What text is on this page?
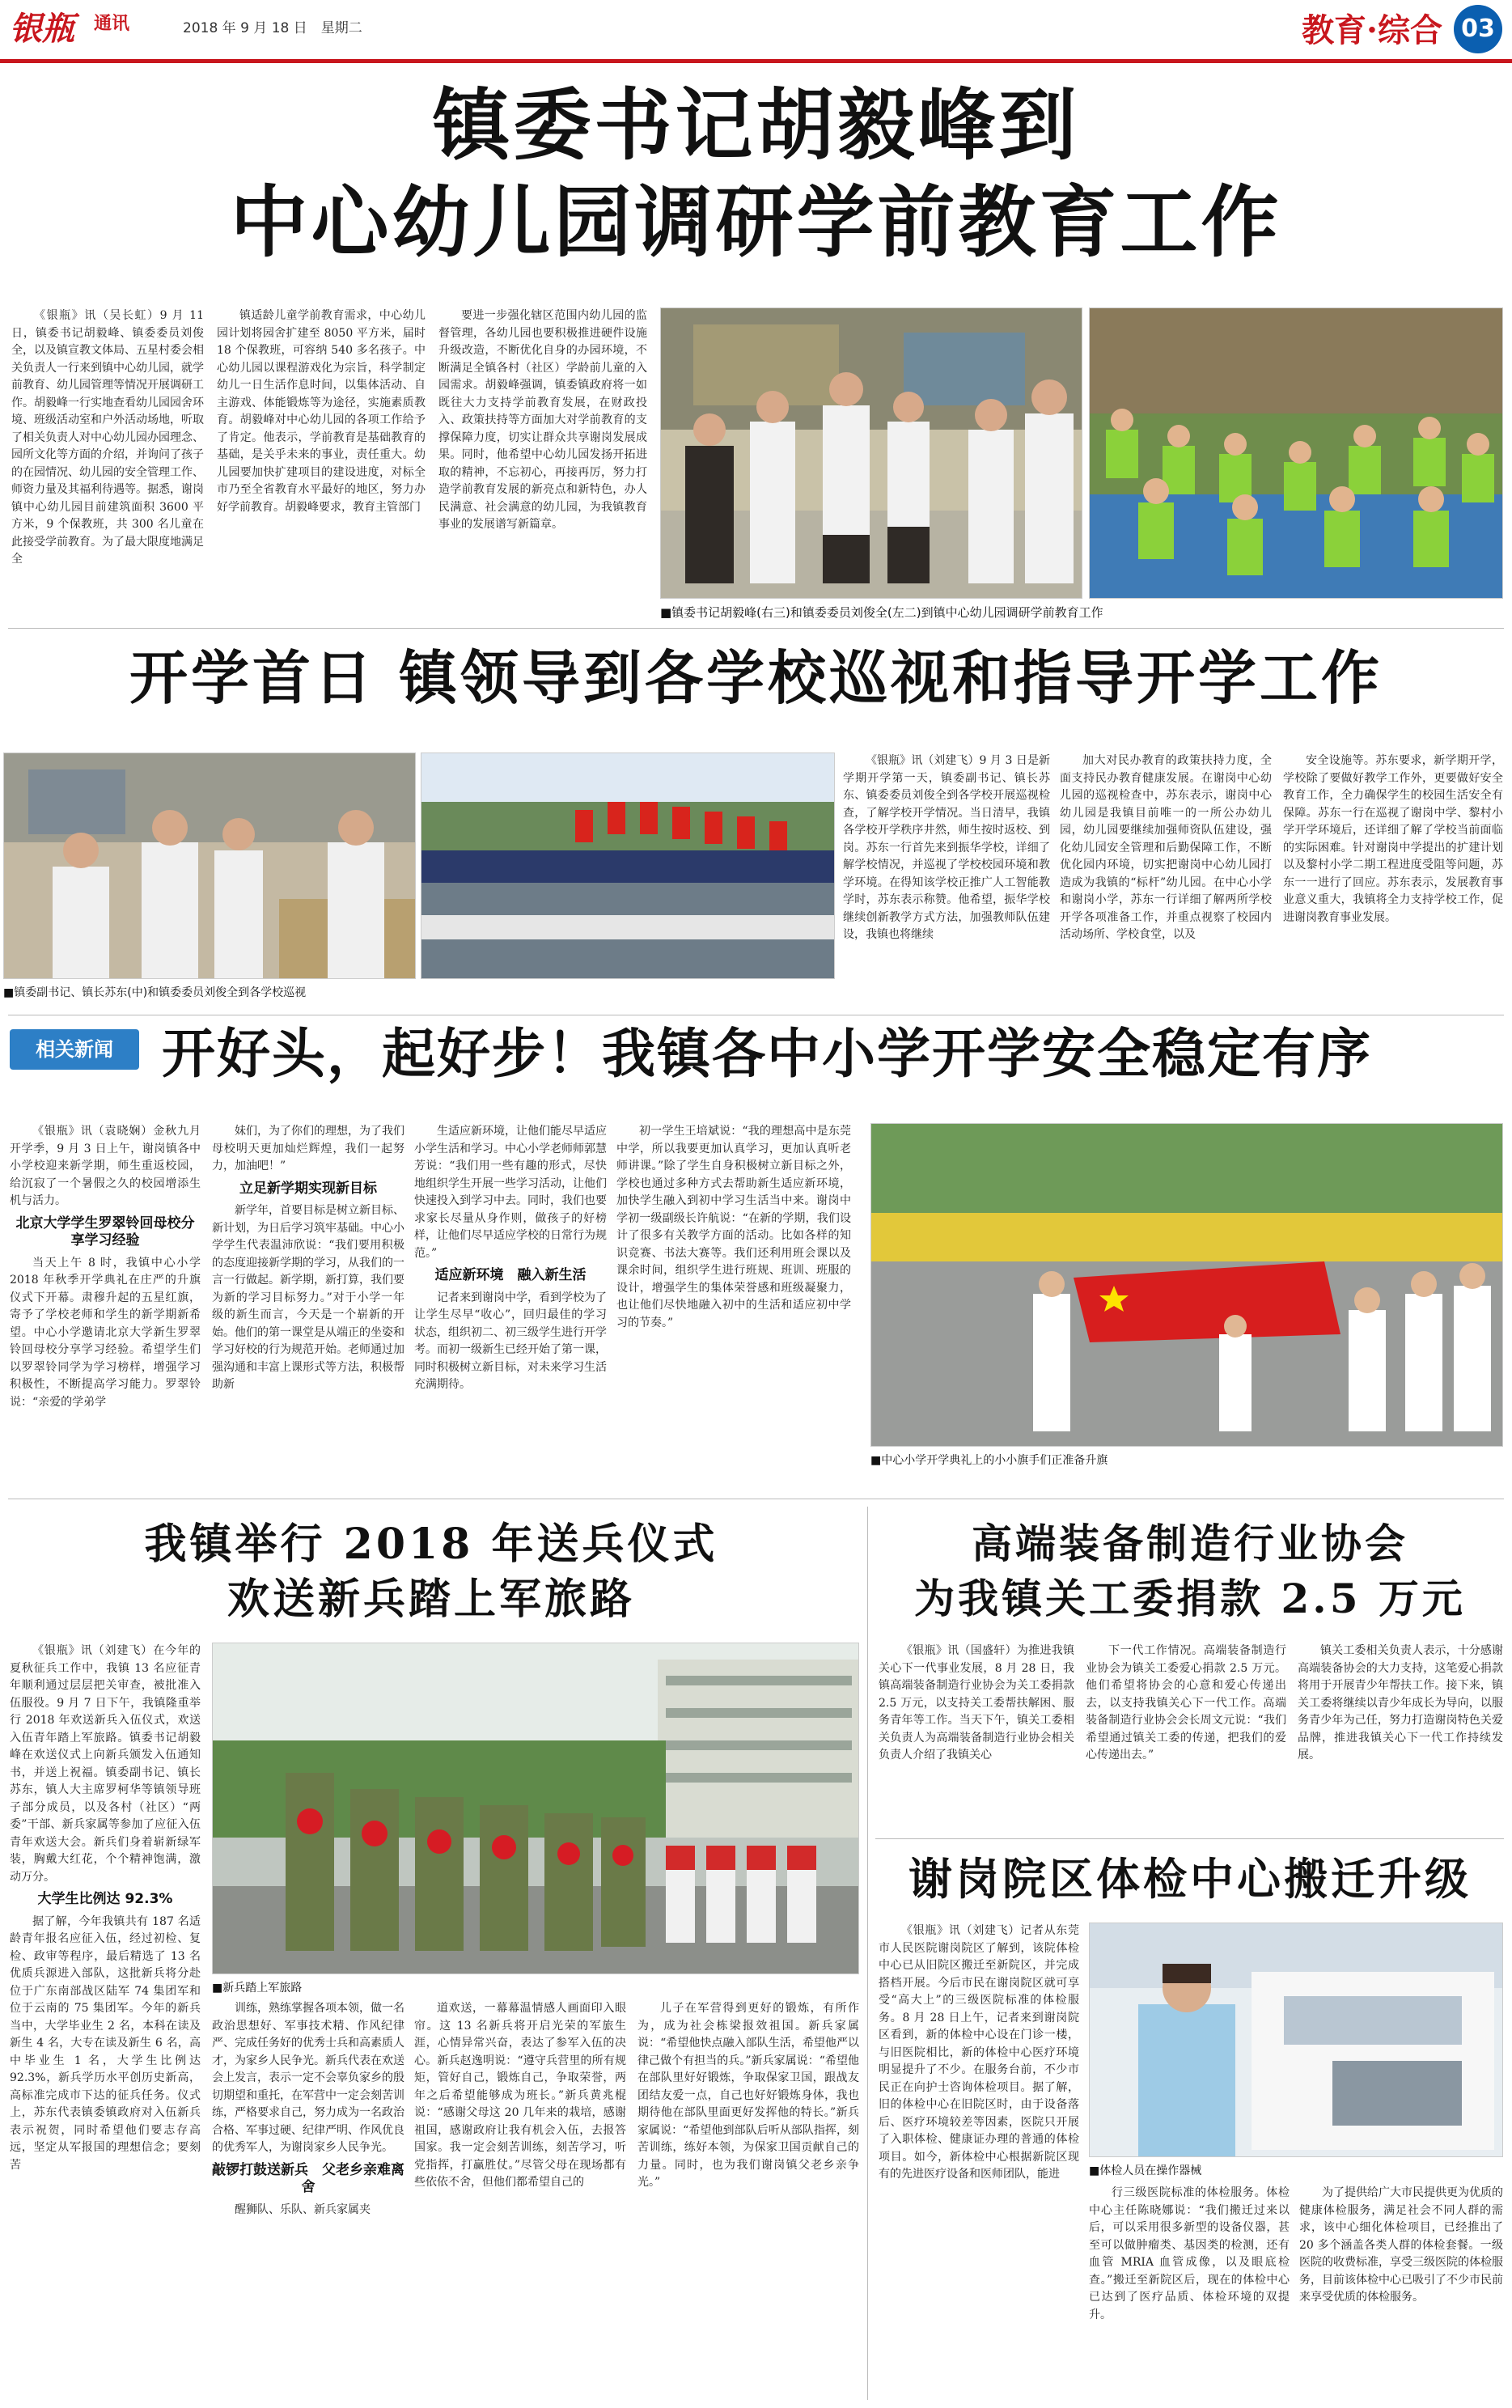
银瓶 通讯	2018 年 9 月 18 日　星期二	教育·综合 03
镇委书记胡毅峰到
中心幼儿园调研学前教育工作

《银瓶》讯（吴长虹）9 月 11 日，镇委书记胡毅峰、镇委委员刘俊全，以及镇宣教文体局、五星村委会相关负责人一行来到镇中心幼儿园，就学前教育、幼儿园管理等情况开展调研工作。胡毅峰一行实地查看幼儿园园舍环境、班级活动室和户外活动场地，听取了相关负责人对中心幼儿园办园理念、园所文化等方面的介绍，并询问了孩子的在园情况、幼儿园的安全管理工作、师资力量及其福利待遇等。据悉，谢岗镇中心幼儿园目前建筑面积 3600 平方米，9 个保教班，共 300 名儿童在此接受学前教育。为了最大限度地满足全

镇适龄儿童学前教育需求，中心幼儿园计划将园舍扩建至 8050 平方米，届时 18 个保教班，可容纳 540 多名孩子。中心幼儿园以课程游戏化为宗旨，科学制定幼儿一日生活作息时间，以集体活动、自主游戏、体能锻炼等为途径，实施素质教育。胡毅峰对中心幼儿园的各项工作给予了肯定。他表示，学前教育是基础教育的基础，是关乎未来的事业，责任重大。幼儿园要加快扩建项目的建设进度，对标全市乃至全省教育水平最好的地区，努力办好学前教育。胡毅峰要求，教育主管部门

要进一步强化辖区范围内幼儿园的监督管理，各幼儿园也要积极推进硬件设施升级改造，不断优化自身的办园环境，不断满足全镇各村（社区）学龄前儿童的入园需求。胡毅峰强调，镇委镇政府将一如既往大力支持学前教育发展，在财政投入、政策扶持等方面加大对学前教育的支撑保障力度，切实让群众共享谢岗发展成果。同时，他希望中心幼儿园发扬开拓进取的精神，不忘初心，再接再厉，努力打造学前教育发展的新亮点和新特色，办人民满意、社会满意的幼儿园，为我镇教育事业的发展谱写新篇章。

■镇委书记胡毅峰(右三)和镇委委员刘俊全(左二)到镇中心幼儿园调研学前教育工作
开学首日 镇领导到各学校巡视和指导开学工作
■镇委副书记、镇长苏东(中)和镇委委员刘俊全到各学校巡视

《银瓶》讯（刘建飞）9 月 3 日是新学期开学第一天，镇委副书记、镇长苏东、镇委委员刘俊全到各学校开展巡视检查，了解学校开学情况。当日清早，我镇各学校开学秩序井然，师生按时返校、到岗。苏东一行首先来到振华学校，详细了解学校情况，并巡视了学校校园环境和教学环境。在得知该学校正推广人工智能教学时，苏东表示称赞。他希望，振华学校继续创新教学方式方法，加强教师队伍建设，我镇也将继续

加大对民办教育的政策扶持力度，全面支持民办教育健康发展。在谢岗中心幼儿园的巡视检查中，苏东表示，谢岗中心幼儿园是我镇目前唯一的一所公办幼儿园，幼儿园要继续加强师资队伍建设，强化幼儿园安全管理和后勤保障工作，不断优化园内环境，切实把谢岗中心幼儿园打造成为我镇的“标杆”幼儿园。在中心小学和谢岗小学，苏东一行详细了解两所学校开学各项准备工作，并重点视察了校园内活动场所、学校食堂，以及

安全设施等。苏东要求，新学期开学，学校除了要做好教学工作外，更要做好安全教育工作，全力确保学生的校园生活安全有保障。苏东一行在巡视了谢岗中学、黎村小学开学环境后，还详细了解了学校当前面临的实际困难。针对谢岗中学提出的扩建计划以及黎村小学二期工程进度受阻等问题，苏东一一进行了回应。苏东表示，发展教育事业意义重大，我镇将全力支持学校工作，促进谢岗教育事业发展。

相关新闻 开好头，起好步！我镇各中小学开学安全稳定有序

《银瓶》讯（袁晓娴）金秋九月开学季，9 月 3 日上午，谢岗镇各中小学校迎来新学期，师生重返校园，给沉寂了一个暑假之久的校园增添生机与活力。

北京大学学生罗翠铃回母校分享学习经验

当天上午 8 时，我镇中心小学 2018 年秋季开学典礼在庄严的升旗仪式下开幕。肃穆升起的五星红旗，寄予了学校老师和学生的新学期新希望。中心小学邀请北京大学新生罗翠铃回母校分享学习经验。希望学生们以罗翠铃同学为学习榜样，增强学习积极性，不断提高学习能力。罗翠铃说：“亲爱的学弟学

妹们，为了你们的理想，为了我们母校明天更加灿烂辉煌，我们一起努力，加油吧！”

立足新学期实现新目标

新学年，首要目标是树立新目标、新计划，为日后学习筑牢基础。中心小学学生代表温沛欣说：“我们要用积极的态度迎接新学期的学习，从我们的一言一行做起。新学期，新打算，我们要为新的学习目标努力。”对于小学一年级的新生而言，今天是一个崭新的开始。他们的第一课堂是从端正的坐姿和学习好校的行为规范开始。老师通过加强沟通和丰富上课形式等方法，积极帮助新

生适应新环境，让他们能尽早适应小学生活和学习。中心小学老师师郭慧芳说：“我们用一些有趣的形式，尽快地组织学生开展一些学习活动，让他们快速投入到学习中去。同时，我们也要求家长尽量从身作则，做孩子的好榜样，让他们尽早适应学校的日常行为规范。”

适应新环境　融入新生活

记者来到谢岗中学，看到学校为了让学生尽早“收心”，回归最佳的学习状态，组织初二、初三级学生进行开学考。而初一级新生已经开始了第一课，同时积极树立新目标，对未来学习生活充满期待。

初一学生王培斌说：“我的理想高中是东莞中学，所以我要更加认真学习，更加认真听老师讲课。”除了学生自身积极树立新目标之外，学校也通过多种方式去帮助新生适应新环境，加快学生融入到初中学习生活当中来。谢岗中学初一级副级长许航说：“在新的学期，我们设计了很多有关教学方面的活动。比如各样的知识竞赛、书法大赛等。我们还利用班会课以及课余时间，组织学生进行班规、班训、班服的设计，增强学生的集体荣誉感和班级凝聚力，也让他们尽快地融入初中的生活和适应初中学习的节奏。”

■中心小学开学典礼上的小小旗手们正准备升旗
我镇举行 2018 年送兵仪式
欢送新兵踏上军旅路

《银瓶》讯（刘建飞）在今年的夏秋征兵工作中，我镇 13 名应征青年顺利通过层层把关审查，被批准入伍服役。9 月 7 日下午，我镇隆重举行 2018 年欢送新兵入伍仪式，欢送入伍青年踏上军旅路。镇委书记胡毅峰在欢送仪式上向新兵颁发入伍通知书，并送上祝福。镇委副书记、镇长苏东，镇人大主席罗柯华等镇领导班子部分成员，以及各村（社区）“两委”干部、新兵家属等参加了应征入伍青年欢送大会。新兵们身着崭新绿军装，胸戴大红花，个个精神饱满，激动万分。

大学生比例达 92.3%

据了解，今年我镇共有 187 名适龄青年报名应征入伍，经过初检、复检、政审等程序，最后精选了 13 名优质兵源进入部队，这批新兵将分赴位于广东南部战区陆军 74 集团军和位于云南的 75 集团军。今年的新兵当中，大学毕业生 2 名，本科在读及新生 4 名，大专在读及新生 6 名，高中毕业生 1 名，大学生比例达 92.3%，新兵学历水平创历史新高，高标准完成市下达的征兵任务。仪式上，苏东代表镇委镇政府对入伍新兵表示祝贺，同时希望他们要志存高远，坚定从军报国的理想信念；要刻苦

■新兵踏上军旅路

训练，熟练掌握各项本领，做一名政治思想好、军事技术精、作风纪律严、完成任务好的优秀士兵和高素质人才，为家乡人民争光。新兵代表在欢送会上发言，表示一定不会辜负家乡的殷切期望和重托，在军营中一定会刻苦训练，严格要求自己，努力成为一名政治合格、军事过硬、纪律严明、作风优良的优秀军人，为谢岗家乡人民争光。

敲锣打鼓送新兵　父老乡亲难离舍

醒狮队、乐队、新兵家属夹

道欢送，一幕幕温情感人画面印入眼帘。这 13 名新兵将开启光荣的军旅生涯，心情异常兴奋，表达了参军入伍的决心。新兵赵逸明说：“遵守兵营里的所有规矩，管好自己，锻炼自己，争取荣誉，两年之后希望能够成为班长。”新兵黄兆棍说：“感谢父母这 20 几年来的栽培，感谢祖国，感谢政府让我有机会入伍，去报答国家。我一定会刻苦训练，刻苦学习，听党指挥，打赢胜仗。”尽管父母在现场都有些依依不舍，但他们都希望自己的

儿子在军营得到更好的锻炼，有所作为，成为社会栋梁报效祖国。新兵家属说：“希望他快点融入部队生活，希望他严以律己做个有担当的兵。”新兵家属说：“希望他在部队里好好锻炼，争取保家卫国，跟战友团结友爱一点，自己也好好锻炼身体，我也期待他在部队里面更好发挥他的特长。”新兵家属说：“希望他到部队后听从部队指挥，刻苦训练，练好本领，为保家卫国贡献自己的力量。同时，也为我们谢岗镇父老乡亲争光。”

高端装备制造行业协会
为我镇关工委捐款 2.5 万元

《银瓶》讯（国盛轩）为推进我镇关心下一代事业发展，8 月 28 日，我镇高端装备制造行业协会为关工委捐款 2.5 万元，以支持关工委帮扶解困、服务青年等工作。当天下午，镇关工委相关负责人为高端装备制造行业协会相关负责人介绍了我镇关心

下一代工作情况。高端装备制造行业协会为镇关工委爱心捐款 2.5 万元。他们希望将协会的心意和爱心传递出去，以支持我镇关心下一代工作。高端装备制造行业协会会长周文元说：“我们希望通过镇关工委的传递，把我们的爱心传递出去。”

镇关工委相关负责人表示，十分感谢高端装备协会的大力支持，这笔爱心捐款将用于开展青少年帮扶工作。接下来，镇关工委将继续以青少年成长为导向，以服务青少年为己任，努力打造谢岗特色关爱品牌，推进我镇关心下一代工作持续发展。

谢岗院区体检中心搬迁升级

《银瓶》讯（刘建飞）记者从东莞市人民医院谢岗院区了解到，该院体检中心已从旧院区搬迁至新院区，并完成搭档开展。今后市民在谢岗院区就可享受“高大上”的三级医院标准的体检服务。8 月 28 日上午，记者来到谢岗院区看到，新的体检中心设在门诊一楼，与旧医院相比，新的体检中心医疗环境明显提升了不少。在服务台前，不少市民正在向护士咨询体检项目。据了解，旧的体检中心在旧院区时，由于设备落后、医疗环境较差等因素，医院只开展了入职体检、健康证办理的普通的体检项目。如今，新体检中心根据新院区现有的先进医疗设备和医师团队，能进	■体检人员在操作器械

行三级医院标准的体检服务。体检中心主任陈晓娜说：“我们搬迁过来以后，可以采用很多新型的设备仪器，甚至可以做肿瘤类、基因类的检测，还有血管 MRIA 血管成像，以及眼底检查。”搬迁至新院区后，现在的体检中心已达到了医疗品质、体检环境的双提升。

为了提供给广大市民提供更为优质的健康体检服务，满足社会不同人群的需求，该中心细化体检项目，已经推出了 20 多个涵盖各类人群的体检套餐。一级医院的收费标准，享受三级医院的体检服务，目前该体检中心已吸引了不少市民前来享受优质的体检服务。
